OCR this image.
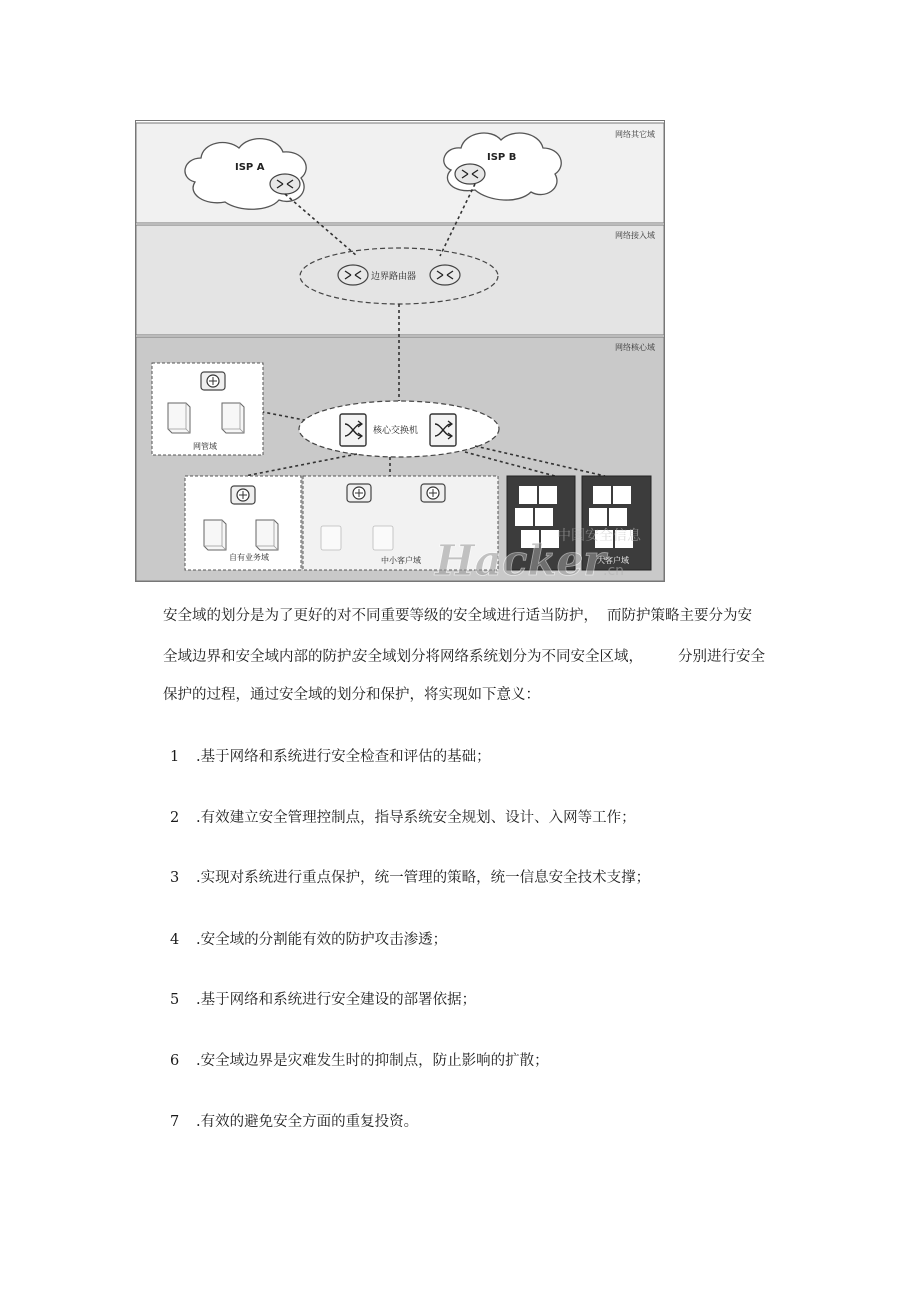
网络其它域
网络接入域
网络核心域
ISP A
ISP B
边界路由器
网管域
核心交换机
自有业务域	中小客户域	大客户域
中国安全信息
Hacker
.cn
安全域的划分是为了更好的对不同重要等级的安全域进行适当防护， 而防护策略主要分为安
全域边界和安全域内部的防护。
安全域划分将网络系统划分为不同安全区域， 分别进行安全
保护的过程，通过安全域的划分和保护，将实现如下意义：
1 .基于网络和系统进行安全检查和评估的基础；
2 .有效建立安全管理控制点，指导系统安全规划、设计、入网等工作；
3 .实现对系统进行重点保护，统一管理的策略，统一信息安全技术支撑；
4 .安全域的分割能有效的防护攻击渗透；
5 .基于网络和系统进行安全建设的部署依据；
6 .安全域边界是灾难发生时的抑制点，防止影响的扩散；
7 .有效的避免安全方面的重复投资。
